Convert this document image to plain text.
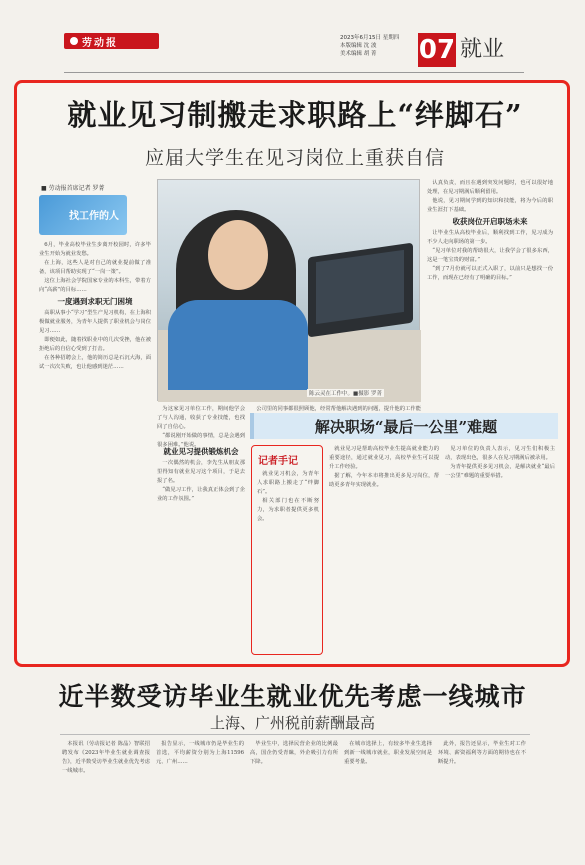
劳动报	2023年6月15日 星期四
本版编辑 沈 波
美术编辑 胡 菁	07 就业
就业见习制搬走求职路上“绊脚石”
应届大学生在见习岗位上重获自信
■ 劳动报首席记者 罗菁
找工作的人

6月，毕业高校毕业生步离开校园时，许多毕业生开始为就业发愁。

在上海，这些人是对自己的就业提前做了准备，该项目帮助实现了“一岗一策”。

这位上海社会学院国家专业的本科生，带着方向“高薪”的目标……

一度遇到求职无门困境

高职从事小“学习”型生产见习机构，在上海积极做就业服务，为青年人提供了职业机会与岗位见习……

即便如此，随着找职业中的几次受挫，他在被拒绝后的自信心受到了打击。

在各种招聘会上，他的简历总是石沉大海，面试一次次失败，也让他感到迷茫……

陈云灵在工作中。■摄影 罗菁

认真负责，而且在遇到突发问题时，也可以很好地处理，在见习期满后顺利留用。

他说，见习期间学到的知识和技能，将为今后的职业生涯打下基础。

收获岗位开启职场未来

让毕业生从高校毕业后，顺利找到工作，见习成为不少人走向职场的第一步。

“见习单位对我的帮助很大，让我学会了很多东西，这是一笔宝贵的财富。”

“到了7月份就可以正式入职了，以前只是想找一份工作，而现在已经有了明确的目标。”

为这家见习单位工作，期间他学会了与人沟通，收获了专业技能，也找回了自信心。

“都说刚开始做的事情，总是会遇到很多困难。”他说。

公司里的同事都很照顾他，经常帮他解决遇到的问题，提升他的工作能

解决职场“最后一公里”难题

就业见习提供锻炼机会

一次偶然的机会，李先生从朋友那里得知有就业见习这个项目，于是去报了名。

“做见习工作，让我真正体会到了企业的工作氛围。”

记者手记

就业见习机会，为青年人求职路上搬走了“绊脚石”。

相关部门也在不断努力，为求职者提供更多机会。

就业见习是帮助高校毕业生提高就业能力的重要途径，通过就业见习，高校毕业生可以提升工作经验。

据了解，今年本市将推出更多见习岗位，帮助更多青年实现就业。

见习单位的负责人表示，见习生们积极主动，表现出色，很多人在见习期满后被录用。

为青年提供更多见习机会，是解决就业“最后一公里”难题的重要举措。

近半数受访毕业生就业优先考虑一线城市
上海、广州税前薪酬最高

本报讯（劳动报记者 陈晶）智联招聘发布《2023年毕业生就业调查报告》，近半数受访毕业生就业优先考虑一线城市。

报告显示，一线城市仍是毕业生的首选，平均薪资分别为上海11596元、广州……

毕业生中，选择民营企业的比例最高，国企仍受青睐，外企吸引力有所下降。

在城市选择上，有较多毕业生选择到新一线城市就业，职业发展空间是重要考量。

此外，报告还显示，毕业生对工作环境、薪资福利等方面的期待也在不断提升。
